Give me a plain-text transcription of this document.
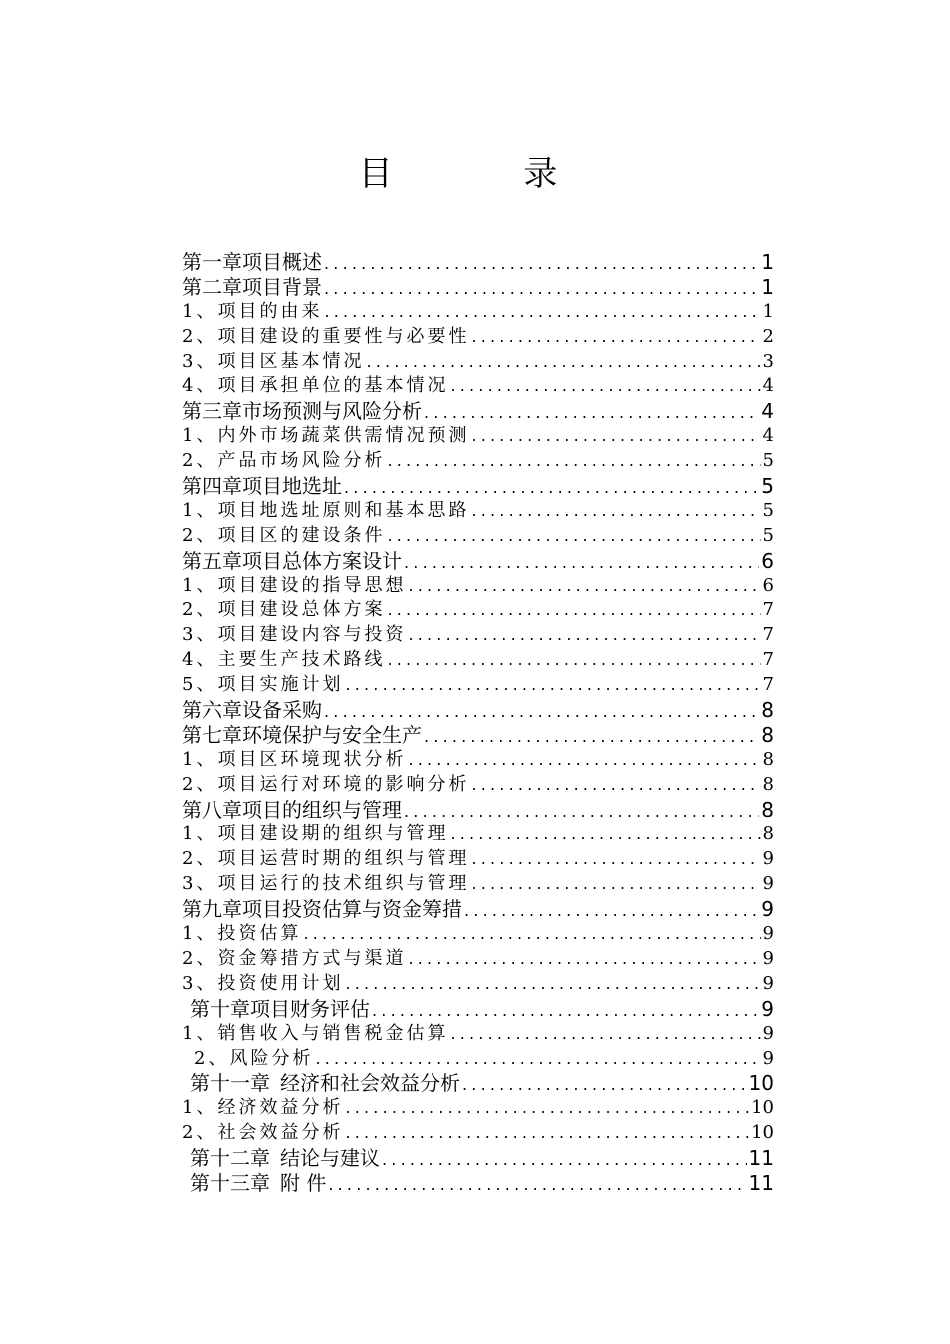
目 录
第一章 项目概述 .....	1
第二章 项目背景 .....	1
1、项目的由来 .....	1
2、项目建设的重要性与必要性 .....	2
3、项目区基本情况 .....	3
4、项目承担单位的基本情况 .....	4
第三章 市场预测与风险分析 .....	4
1、内外市场蔬菜供需情况预测 .....	4
2、产品市场风险分析 .....	5
第四章 项目地选址 .....	5
1、项目地选址原则和基本思路 .....	5
2、项目区的建设条件 .....	5
第五章 项目总体方案设计 .....	6
1、项目建设的指导思想 .....	6
2、项目建设总体方案 .....	7
3、项目建设内容与投资 .....	7
4、主要生产技术路线 .....	7
5、项目实施计划 .....	7
第六章 设备采购 .....	8
第七章 环境保护与安全生产 .....	8
1、项目区环境现状分析 .....	8
2、项目运行对环境的影响分析 .....	8
第八章 项目的组织与管理 .....	8
1、项目建设期的组织与管理 .....	8
2、项目运营时期的组织与管理 .....	9
3、项目运行的技术组织与管理 .....	9
第九章 项目投资估算与资金筹措 .....	9
1、投资估算 .....	9
2、资金筹措方式与渠道 .....	9
3、投资使用计划 .....	9
第十章 项目财务评估 .....	9
1、销售收入与销售税金估算 .....	9
2、风险分析 .....	9
第十一章 经济和社会效益分析 .....	10
1、经济效益分析 .....	10
2、社会效益分析 .....	10
第十二章 结论与建议 .....	11
第十三章 附 件 .....	11
